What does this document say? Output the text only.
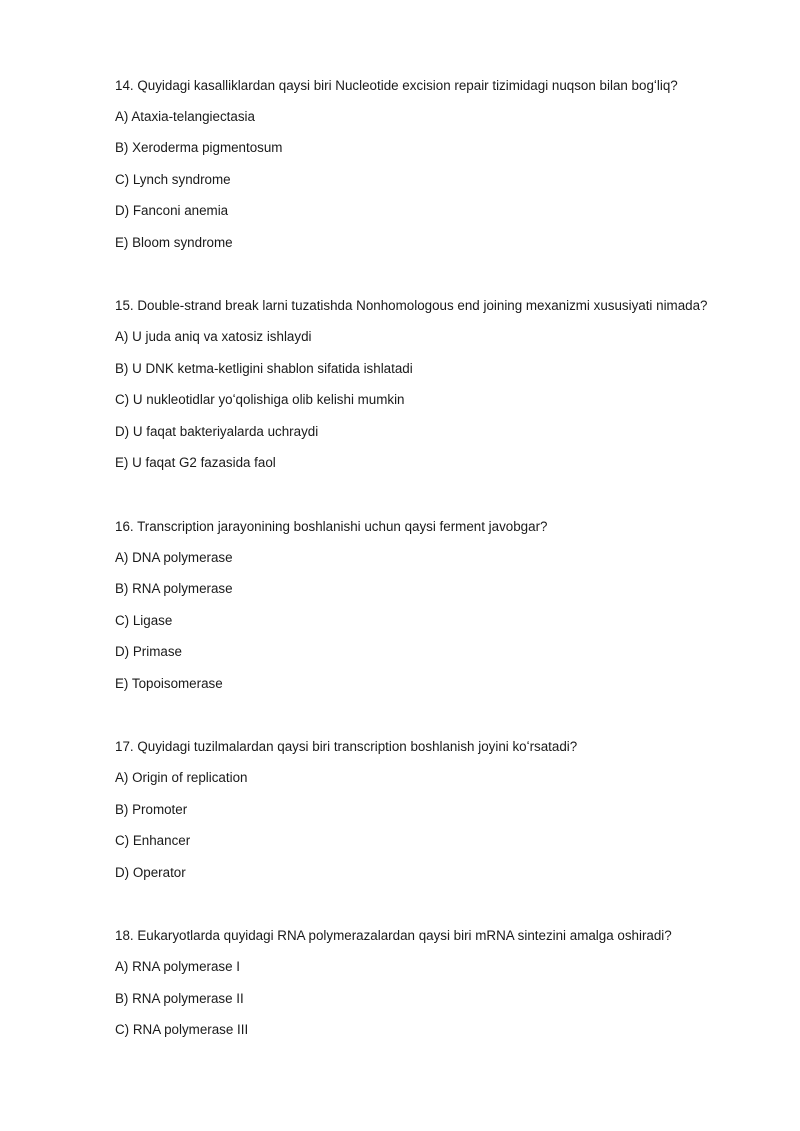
14. Quyidagi kasalliklardan qaysi biri Nucleotide excision repair tizimidagi nuqson bilan bogʻliq?
A) Ataxia-telangiectasia
B) Xeroderma pigmentosum
C) Lynch syndrome
D) Fanconi anemia
E) Bloom syndrome
15. Double-strand break larni tuzatishda Nonhomologous end joining mexanizmi xususiyati nimada?
A) U juda aniq va xatosiz ishlaydi
B) U DNK ketma-ketligini shablon sifatida ishlatadi
C) U nukleotidlar yoʻqolishiga olib kelishi mumkin
D) U faqat bakteriyalarda uchraydi
E) U faqat G2 fazasida faol
16. Transcription jarayonining boshlanishi uchun qaysi ferment javobgar?
A) DNA polymerase
B) RNA polymerase
C) Ligase
D) Primase
E) Topoisomerase
17. Quyidagi tuzilmalardan qaysi biri transcription boshlanish joyini koʻrsatadi?
A) Origin of replication
B) Promoter
C) Enhancer
D) Operator
18. Eukaryotlarda quyidagi RNA polymerazalardan qaysi biri mRNA sintezini amalga oshiradi?
A) RNA polymerase I
B) RNA polymerase II
C) RNA polymerase III
